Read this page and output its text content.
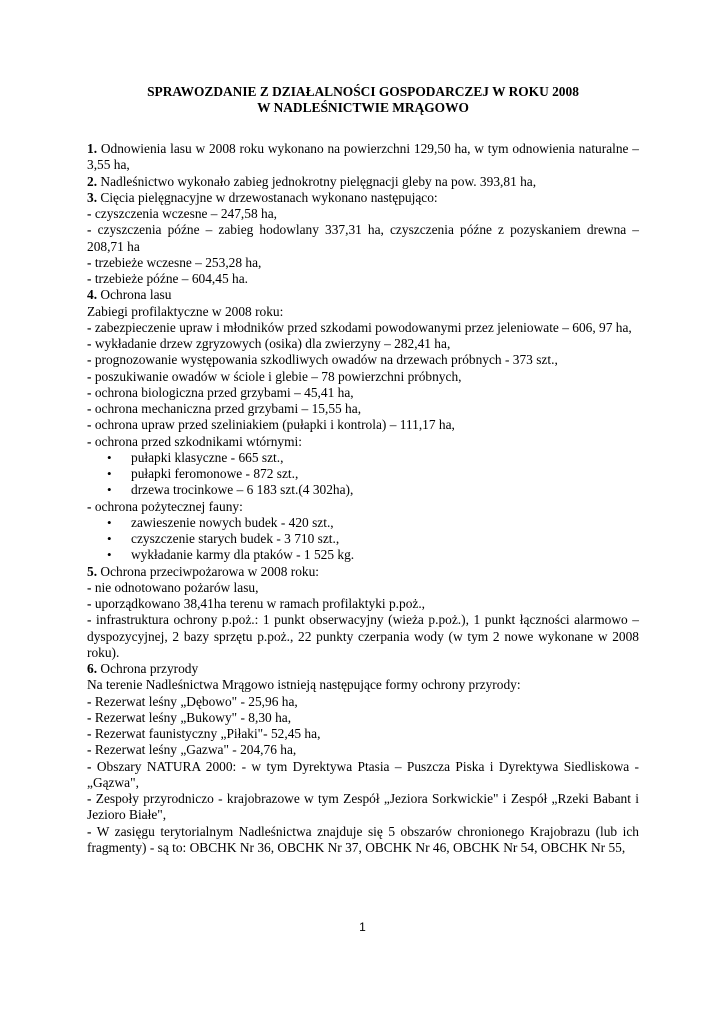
SPRAWOZDANIE Z DZIAŁALNOŚCI GOSPODARCZEJ W ROKU 2008

W NADLEŚNICTWIE MRĄGOWO

1. Odnowienia lasu w 2008 roku wykonano na powierzchni 129,50 ha, w tym odnowienia naturalne – 3,55 ha,

2. Nadleśnictwo wykonało zabieg jednokrotny pielęgnacji gleby na pow. 393,81 ha,

3. Cięcia pielęgnacyjne w drzewostanach wykonano następująco:

- czyszczenia wczesne – 247,58 ha,

- czyszczenia późne – zabieg hodowlany 337,31 ha, czyszczenia późne z pozyskaniem drewna – 208,71 ha

- trzebieże wczesne – 253,28 ha,

- trzebieże późne – 604,45 ha.

4. Ochrona lasu

Zabiegi profilaktyczne w 2008 roku:

- zabezpieczenie upraw i młodników przed szkodami powodowanymi przez jeleniowate – 606, 97 ha,

- wykładanie drzew zgryzowych (osika) dla zwierzyny – 282,41 ha,

- prognozowanie występowania szkodliwych owadów na drzewach próbnych - 373 szt.,

- poszukiwanie owadów w ściole i glebie – 78 powierzchni próbnych,

- ochrona biologiczna przed grzybami – 45,41 ha,

- ochrona mechaniczna przed grzybami – 15,55 ha,

- ochrona upraw przed szeliniakiem (pułapki i kontrola) – 111,17 ha,

- ochrona przed szkodnikami wtórnymi:

• pułapki klasyczne - 665 szt.,
• pułapki feromonowe - 872 szt.,
• drzewa trocinkowe – 6 183 szt.(4 302ha),

- ochrona pożytecznej fauny:

• zawieszenie nowych budek - 420 szt.,
• czyszczenie starych budek - 3 710 szt.,
• wykładanie karmy dla ptaków - 1 525 kg.

5. Ochrona przeciwpożarowa w 2008 roku:

- nie odnotowano pożarów lasu,

- uporządkowano 38,41ha terenu w ramach profilaktyki p.poż.,

- infrastruktura ochrony p.poż.: 1 punkt obserwacyjny (wieża p.poż.), 1 punkt łączności alarmowo – dyspozycyjnej, 2 bazy sprzętu p.poż., 22 punkty czerpania wody (w tym 2 nowe wykonane w 2008 roku).

6. Ochrona przyrody

Na terenie Nadleśnictwa Mrągowo istnieją następujące formy ochrony przyrody:

- Rezerwat leśny „Dębowo" - 25,96 ha,

- Rezerwat leśny „Bukowy" - 8,30 ha,

- Rezerwat faunistyczny „Piłaki"- 52,45 ha,

- Rezerwat leśny „Gazwa" - 204,76 ha,

- Obszary NATURA 2000: - w tym Dyrektywa Ptasia – Puszcza Piska i Dyrektywa Siedliskowa - „Gązwa",

- Zespoły przyrodniczo - krajobrazowe w tym Zespół „Jeziora Sorkwickie" i Zespół „Rzeki Babant i Jezioro Białe",

- W zasięgu terytorialnym Nadleśnictwa znajduje się 5 obszarów chronionego Krajobrazu (lub ich fragmenty) - są to: OBCHK Nr 36, OBCHK Nr 37, OBCHK Nr 46, OBCHK Nr 54, OBCHK Nr 55,

1
